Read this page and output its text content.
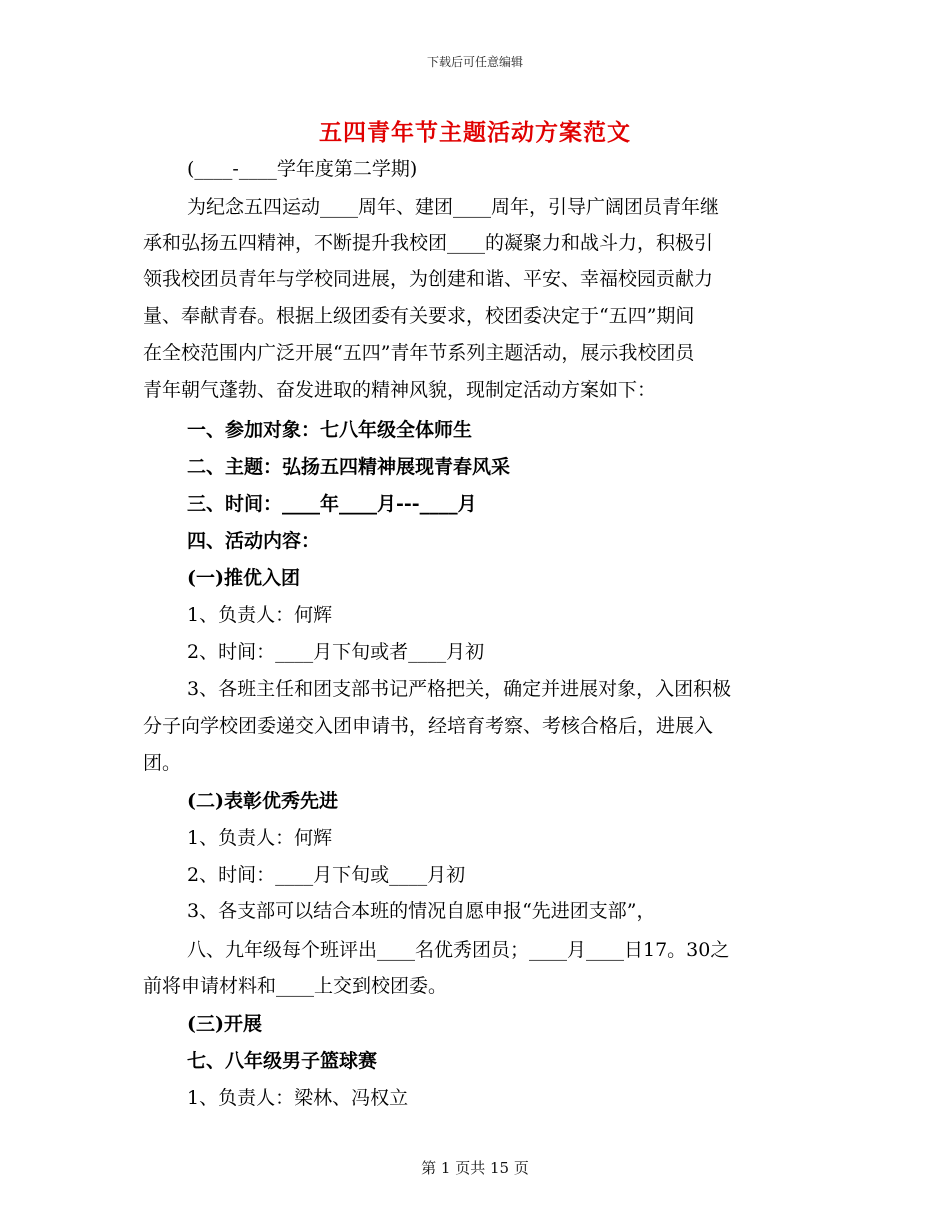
下载后可任意编辑
五四青年节主题活动方案范文
(____-____学年度第二学期)
为纪念五四运动____周年、建团____周年，引导广阔团员青年继
承和弘扬五四精神，不断提升我校团____的凝聚力和战斗力，积极引
领我校团员青年与学校同进展，为创建和谐、平安、幸福校园贡献力
量、奉献青春。根据上级团委有关要求，校团委决定于“五四”期间
在全校范围内广泛开展“五四”青年节系列主题活动，展示我校团员
青年朝气蓬勃、奋发进取的精神风貌，现制定活动方案如下：
一、参加对象：七八年级全体师生
二、主题：弘扬五四精神展现青春风采
三、时间：____年____月---____月
四、活动内容：
(一)推优入团
1、负责人：何辉
2、时间：____月下旬或者____月初
3、各班主任和团支部书记严格把关，确定并进展对象，入团积极
分子向学校团委递交入团申请书，经培育考察、考核合格后，进展入
团。
(二)表彰优秀先进
1、负责人：何辉
2、时间：____月下旬或____月初
3、各支部可以结合本班的情况自愿申报“先进团支部”，
八、九年级每个班评出____名优秀团员；____月____日17。30之
前将申请材料和____上交到校团委。
(三)开展
七、八年级男子篮球赛
1、负责人：梁林、冯权立
第 1 页共 15 页
